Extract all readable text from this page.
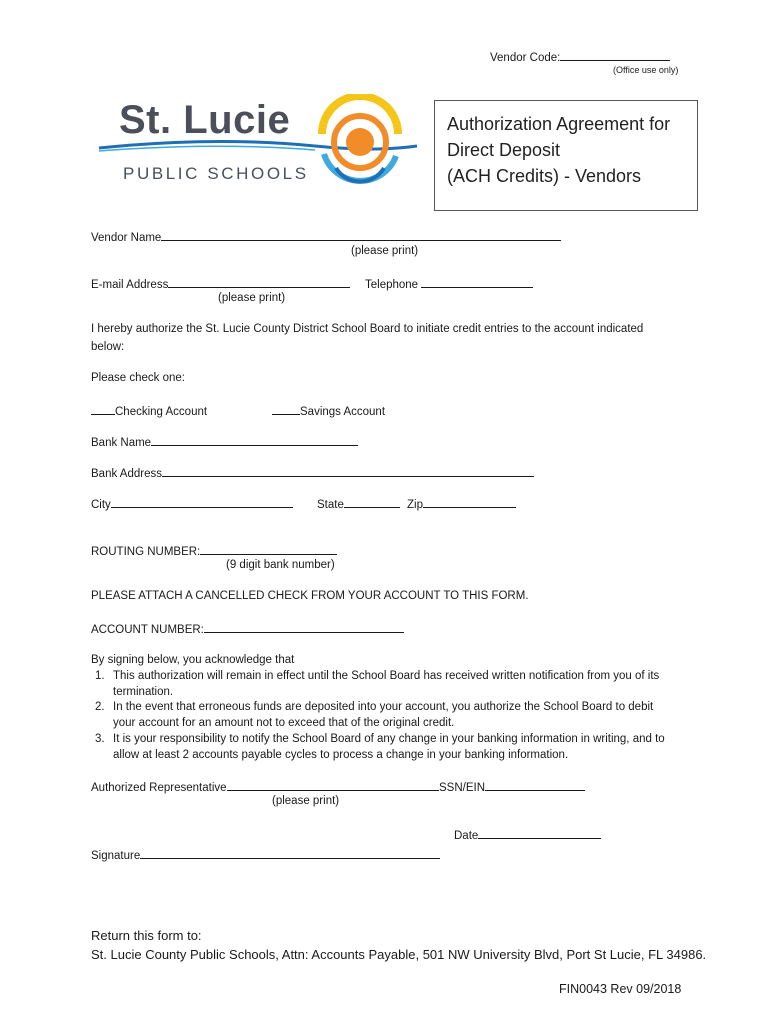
Vendor Code:
(Office use only)
St. Lucie
PUBLIC SCHOOLS
Authorization Agreement for
Direct Deposit
(ACH Credits) - Vendors
Vendor Name
(please print)
E-mail Address	Telephone
(please print)
I hereby authorize the St. Lucie County District School Board to initiate credit entries to the account indicated
below:
Please check one:
Checking Account	Savings Account
Bank Name
Bank Address
City	State	Zip
ROUTING NUMBER:
(9 digit bank number)
PLEASE ATTACH A CANCELLED CHECK FROM YOUR ACCOUNT TO THIS FORM.
ACCOUNT NUMBER:
By signing below, you acknowledge that
1. This authorization will remain in effect until the School Board has received written notification from you of its termination.
2. In the event that erroneous funds are deposited into your account, you authorize the School Board to debit your account for an amount not to exceed that of the original credit.
3. It is your responsibility to notify the School Board of any change in your banking information in writing, and to allow at least 2 accounts payable cycles to process a change in your banking information.
Authorized Representative	SSN/EIN
(please print)
Date
Signature
Return this form to:
St. Lucie County Public Schools, Attn: Accounts Payable, 501 NW University Blvd, Port St Lucie, FL 34986.
FIN0043 Rev 09/2018
